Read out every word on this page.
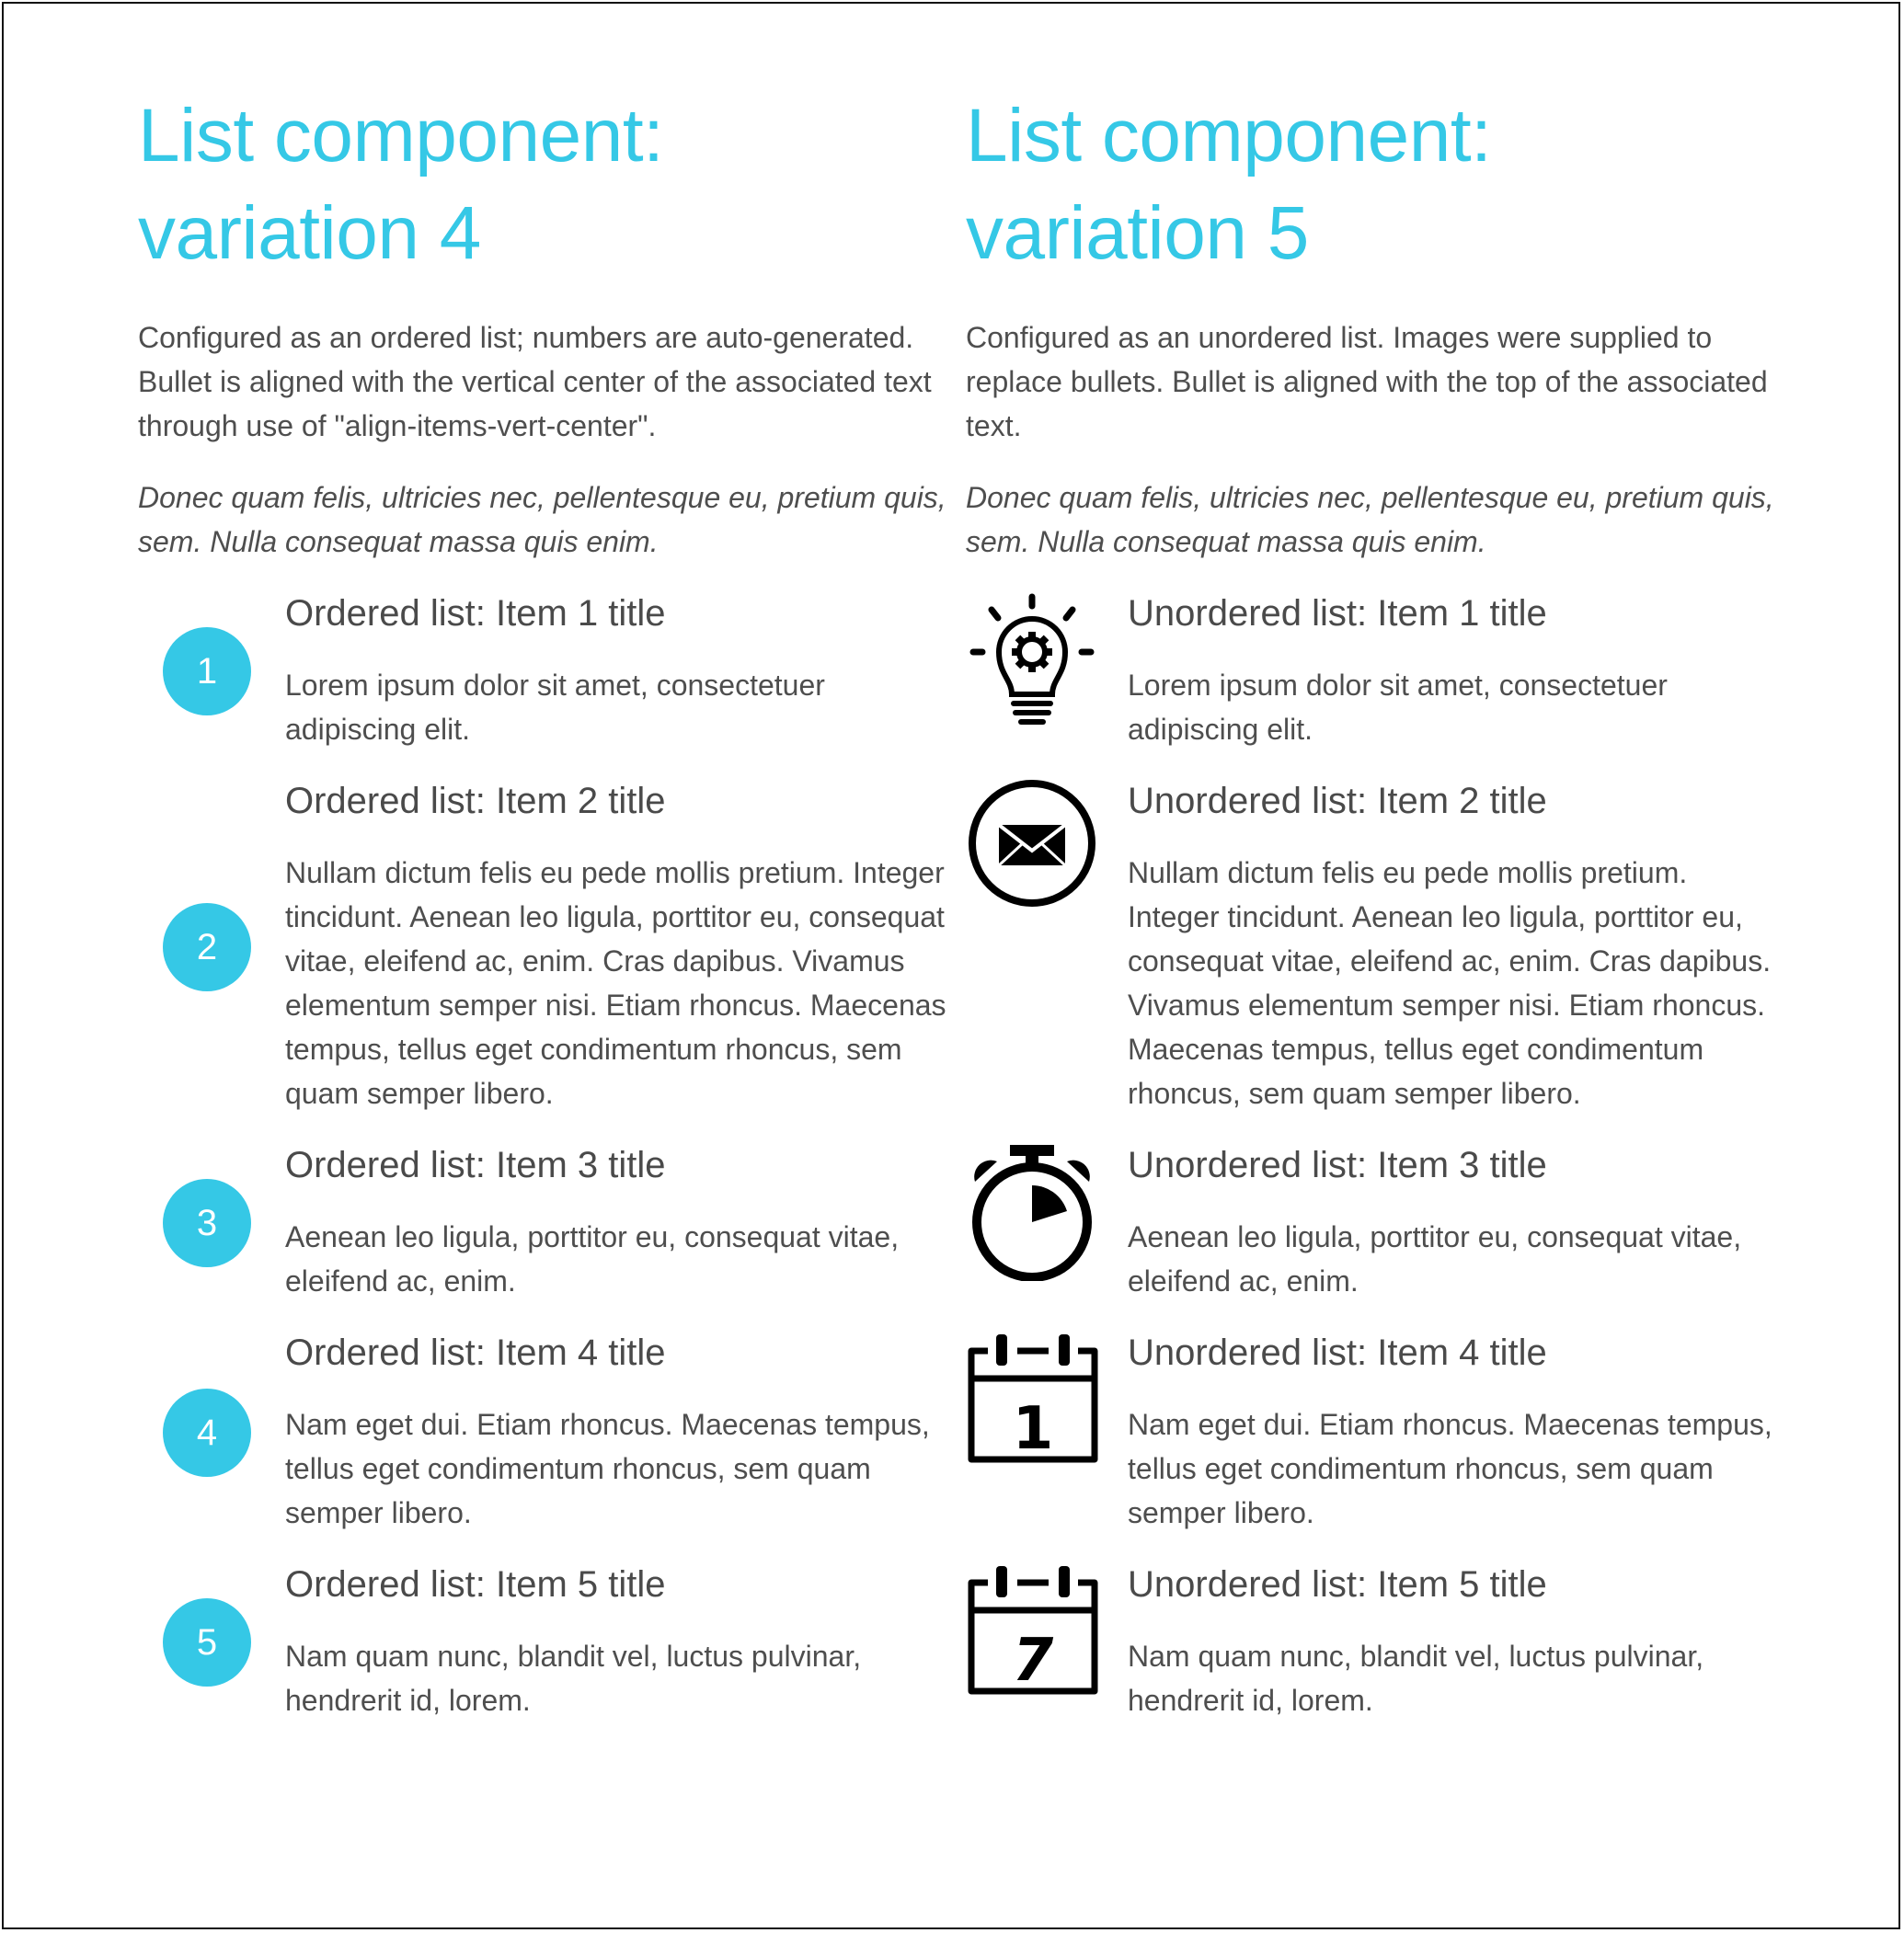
List component:
variation 4

Configured as an ordered list; numbers are auto-generated. Bullet is aligned with the vertical center of the associated text through use of "align-items-vert-center".

Donec quam felis, ultricies nec, pellentesque eu, pretium quis, sem. Nulla consequat massa quis enim.

1
Ordered list: Item 1 title

Lorem ipsum dolor sit amet, consectetuer adipiscing elit.

2
Ordered list: Item 2 title

Nullam dictum felis eu pede mollis pretium. Integer tincidunt. Aenean leo ligula, porttitor eu, consequat vitae, eleifend ac, enim. Cras dapibus. Vivamus elementum semper nisi. Etiam rhoncus. Maecenas tempus, tellus eget condimentum rhoncus, sem quam semper libero.

3
Ordered list: Item 3 title

Aenean leo ligula, porttitor eu, consequat vitae, eleifend ac, enim.

4
Ordered list: Item 4 title

Nam eget dui. Etiam rhoncus. Maecenas tempus, tellus eget condimentum rhoncus, sem quam semper libero.

5
Ordered list: Item 5 title

Nam quam nunc, blandit vel, luctus pulvinar, hendrerit id, lorem.

List component:
variation 5

Configured as an unordered list. Images were supplied to replace bullets. Bullet is aligned with the top of the associated text.

Donec quam felis, ultricies nec, pellentesque eu, pretium quis, sem. Nulla consequat massa quis enim.

Unordered list: Item 1 title

Lorem ipsum dolor sit amet, consectetuer adipiscing elit.

Unordered list: Item 2 title

Nullam dictum felis eu pede mollis pretium. Integer tincidunt. Aenean leo ligula, porttitor eu, consequat vitae, eleifend ac, enim. Cras dapibus. Vivamus elementum semper nisi. Etiam rhoncus. Maecenas tempus, tellus eget condimentum rhoncus, sem quam semper libero.

Unordered list: Item 3 title

Aenean leo ligula, porttitor eu, consequat vitae, eleifend ac, enim.

1
Unordered list: Item 4 title

Nam eget dui. Etiam rhoncus. Maecenas tempus, tellus eget condimentum rhoncus, sem quam semper libero.

7
Unordered list: Item 5 title

Nam quam nunc, blandit vel, luctus pulvinar, hendrerit id, lorem.
